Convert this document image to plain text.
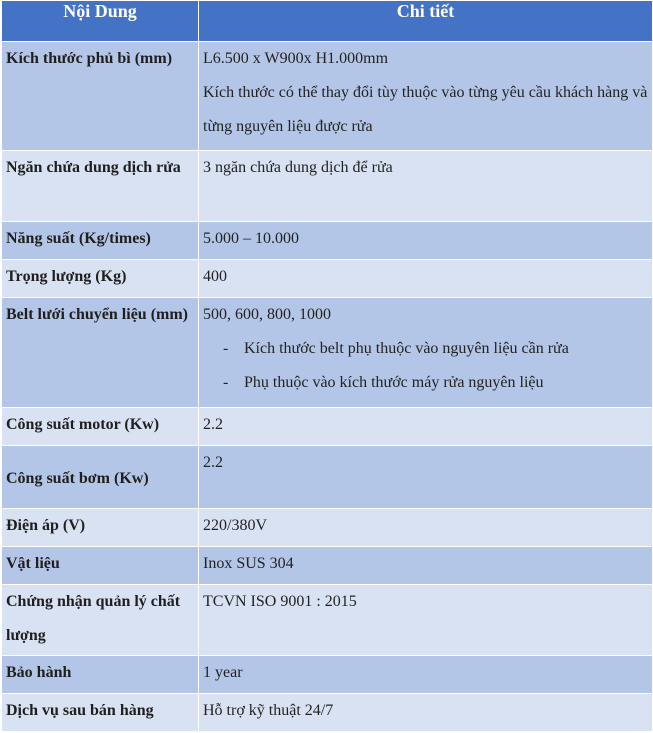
Nội Dung	Chi tiết
Kích thước phủ bì (mm)	L6.500 x W900x H1.000mm
Kích thước có thể thay đổi tùy thuộc vào từng yêu cầu khách hàng và từng nguyên liệu được rửa

Ngăn chứa dung dịch rửa	3 ngăn chứa dung dịch để rửa
Năng suất (Kg/times)	5.000 – 10.000
Trọng lượng (Kg)	400
Belt lưới chuyển liệu (mm)	500, 600, 800, 1000
- Kích thước belt phụ thuộc vào nguyên liệu cần rửa
- Phụ thuộc vào kích thước máy rửa nguyên liệu

Công suất motor (Kw)	2.2

Công suất bơm (Kw)	2.2
Điện áp (V)	220/380V
Vật liệu	Inox SUS 304
Chứng nhận quản lý chất lượng	TCVN ISO 9001 : 2015
Bảo hành	1 year
Dịch vụ sau bán hàng	Hỗ trợ kỹ thuật 24/7
